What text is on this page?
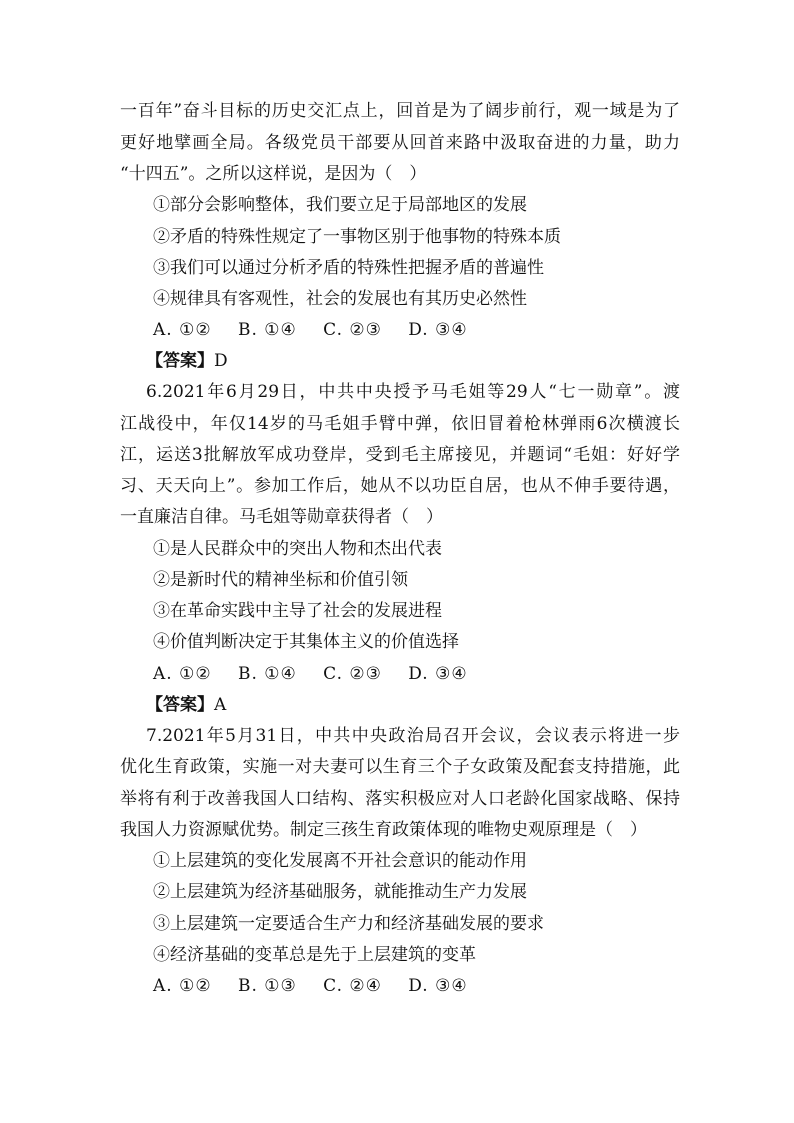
一百年”奋斗目标的历史交汇点上，回首是为了阔步前行，观一域是为了
更好地擘画全局。各级党员干部要从回首来路中汲取奋进的力量，助力
“十四五”。之所以这样说，是因为（　）
①部分会影响整体，我们要立足于局部地区的发展
②矛盾的特殊性规定了一事物区别于他事物的特殊本质
③我们可以通过分析矛盾的特殊性把握矛盾的普遍性
④规律具有客观性，社会的发展也有其历史必然性
A. ①② B. ①④ C. ②③ D. ③④
【答案】D
6.2021年6月29日，中共中央授予马毛姐等29人“七一勋章”。渡
江战役中，年仅14岁的马毛姐手臂中弹，依旧冒着枪林弹雨6次横渡长
江，运送3批解放军成功登岸，受到毛主席接见，并题词“毛姐：好好学
习、天天向上”。参加工作后，她从不以功臣自居，也从不伸手要待遇，
一直廉洁自律。马毛姐等勋章获得者（　）
①是人民群众中的突出人物和杰出代表
②是新时代的精神坐标和价值引领
③在革命实践中主导了社会的发展进程
④价值判断决定于其集体主义的价值选择
A. ①② B. ①④ C. ②③ D. ③④
【答案】A
7.2021年5月31日，中共中央政治局召开会议，会议表示将进一步
优化生育政策，实施一对夫妻可以生育三个子女政策及配套支持措施，此
举将有利于改善我国人口结构、落实积极应对人口老龄化国家战略、保持
我国人力资源赋优势。制定三孩生育政策体现的唯物史观原理是（　）
①上层建筑的变化发展离不开社会意识的能动作用
②上层建筑为经济基础服务，就能推动生产力发展
③上层建筑一定要适合生产力和经济基础发展的要求
④经济基础的变革总是先于上层建筑的变革
A. ①② B. ①③ C. ②④ D. ③④
